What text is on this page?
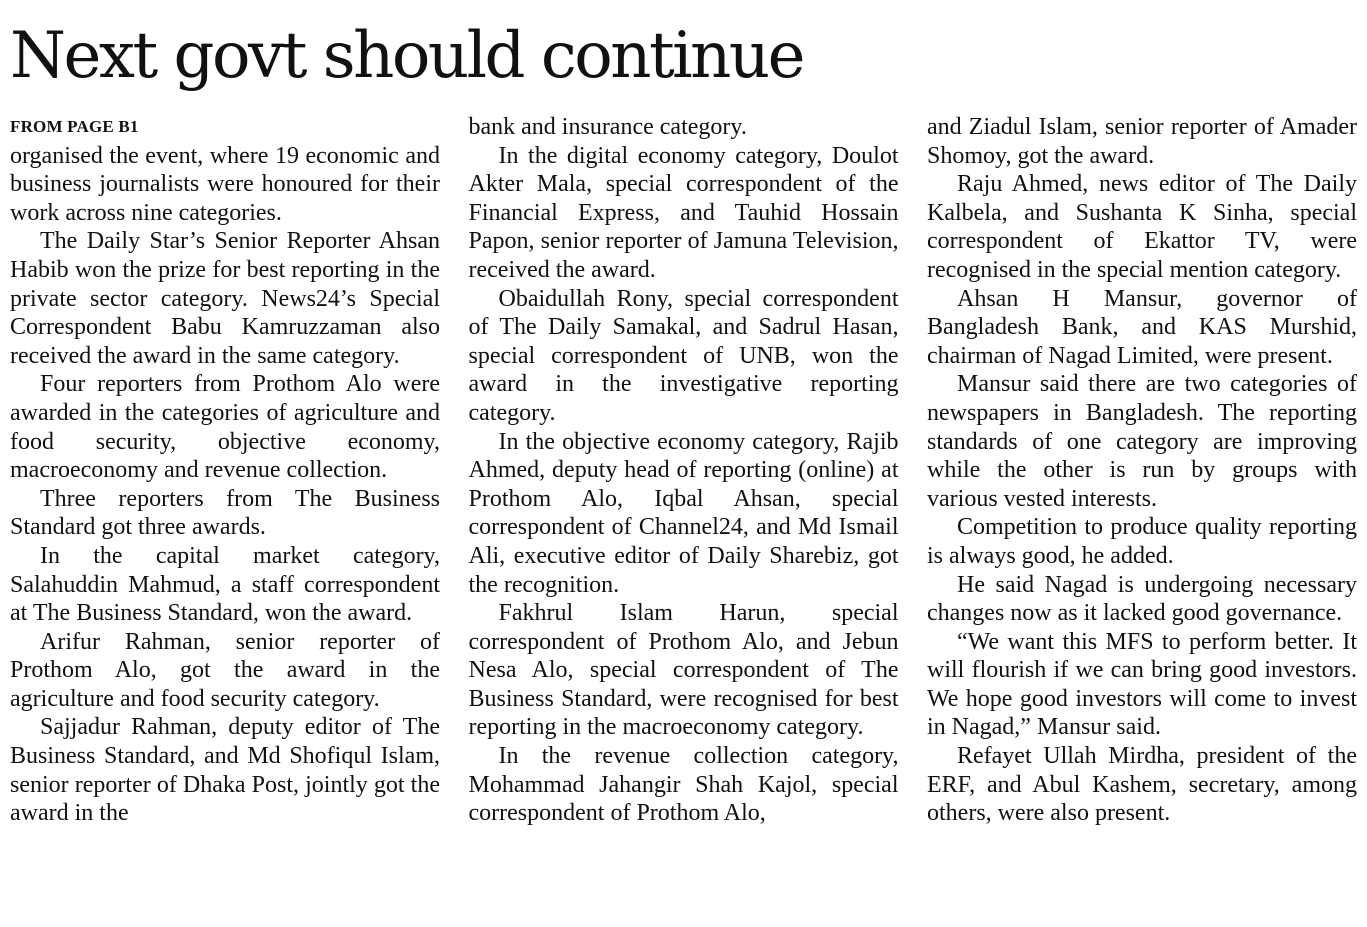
Next govt should continue
FROM PAGE B1

organised the event, where 19 economic and business journalists were honoured for their work across nine categories.

The Daily Star’s Senior Reporter Ahsan Habib won the prize for best reporting in the private sector category. News24’s Special Correspondent Babu Kamruzzaman also received the award in the same category.

Four reporters from Prothom Alo were awarded in the categories of agriculture and food security, objective economy, macroeconomy and revenue collection.

Three reporters from The Business Standard got three awards.

In the capital market category, Salahuddin Mahmud, a staff correspondent at The Business Standard, won the award.

Arifur Rahman, senior reporter of Prothom Alo, got the award in the agriculture and food security category.

Sajjadur Rahman, deputy editor of The Business Standard, and Md Shofiqul Islam, senior reporter of Dhaka Post, jointly got the award in the

bank and insurance category.

In the digital economy category, Doulot Akter Mala, special correspondent of the Financial Express, and Tauhid Hossain Papon, senior reporter of Jamuna Television, received the award.

Obaidullah Rony, special correspondent of The Daily Samakal, and Sadrul Hasan, special correspondent of UNB, won the award in the investigative reporting category.

In the objective economy category, Rajib Ahmed, deputy head of reporting (online) at Prothom Alo, Iqbal Ahsan, special correspondent of Channel24, and Md Ismail Ali, executive editor of Daily Sharebiz, got the recognition.

Fakhrul Islam Harun, special correspondent of Prothom Alo, and Jebun Nesa Alo, special correspondent of The Business Standard, were recognised for best reporting in the macroeconomy category.

In the revenue collection category, Mohammad Jahangir Shah Kajol, special correspondent of Prothom Alo,

and Ziadul Islam, senior reporter of Amader Shomoy, got the award.

Raju Ahmed, news editor of The Daily Kalbela, and Sushanta K Sinha, special correspondent of Ekattor TV, were recognised in the special mention category.

Ahsan H Mansur, governor of Bangladesh Bank, and KAS Murshid, chairman of Nagad Limited, were present.

Mansur said there are two categories of newspapers in Bangladesh. The reporting standards of one category are improving while the other is run by groups with various vested interests.

Competition to produce quality reporting is always good, he added.

He said Nagad is undergoing necessary changes now as it lacked good governance.

“We want this MFS to perform better. It will flourish if we can bring good investors. We hope good investors will come to invest in Nagad,” Mansur said.

Refayet Ullah Mirdha, president of the ERF, and Abul Kashem, secretary, among others, were also present.
